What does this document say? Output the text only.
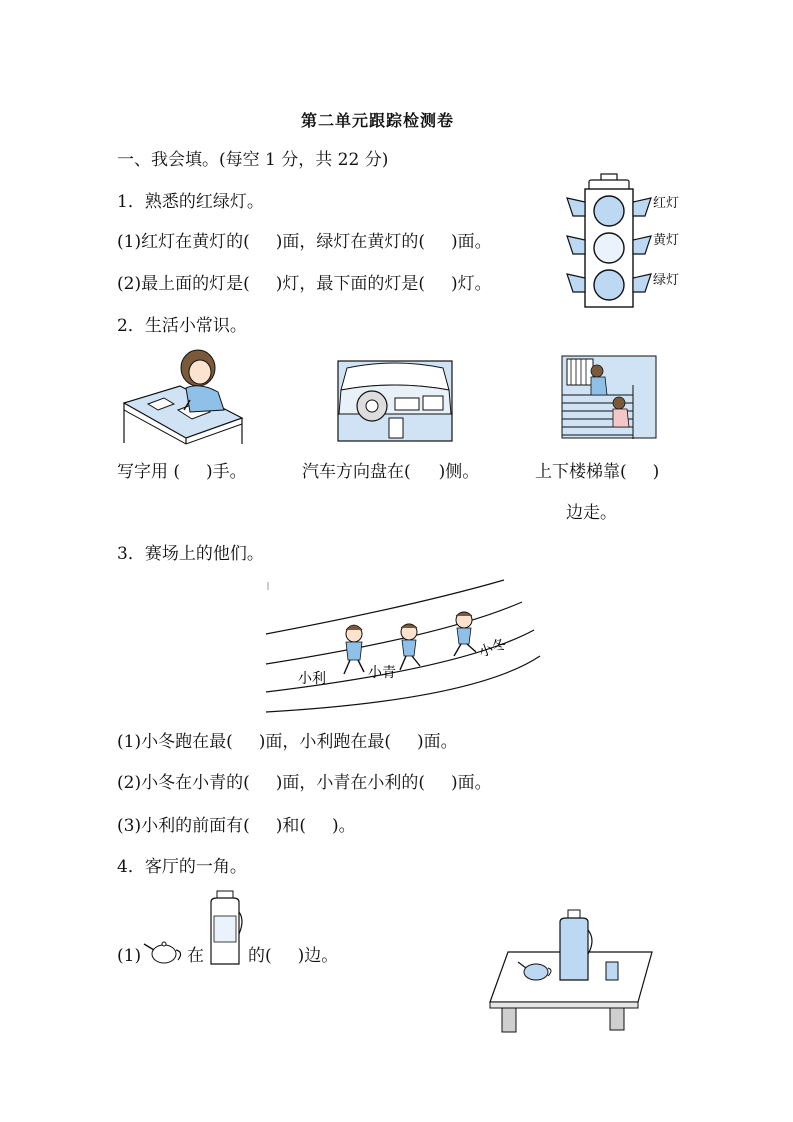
第二单元跟踪检测卷
一、我会填。(每空 1 分，共 22 分)
1．熟悉的红绿灯。
(1)红灯在黄灯的( )面，绿灯在黄灯的( )面。
(2)最上面的灯是( )灯，最下面的灯是( )灯。
红灯
黄灯
绿灯
2．生活小常识。
写字用 ( )手。	汽车方向盘在( )侧。	上下楼梯靠( )
边走。
3．赛场上的他们。
小利	小青
小冬
(1)小冬跑在最( )面，小利跑在最( )面。
(2)小冬在小青的( )面，小青在小利的( )面。
(3)小利的前面有( )和( )。
4．客厅的一角。
(1)	在	的( )边。
